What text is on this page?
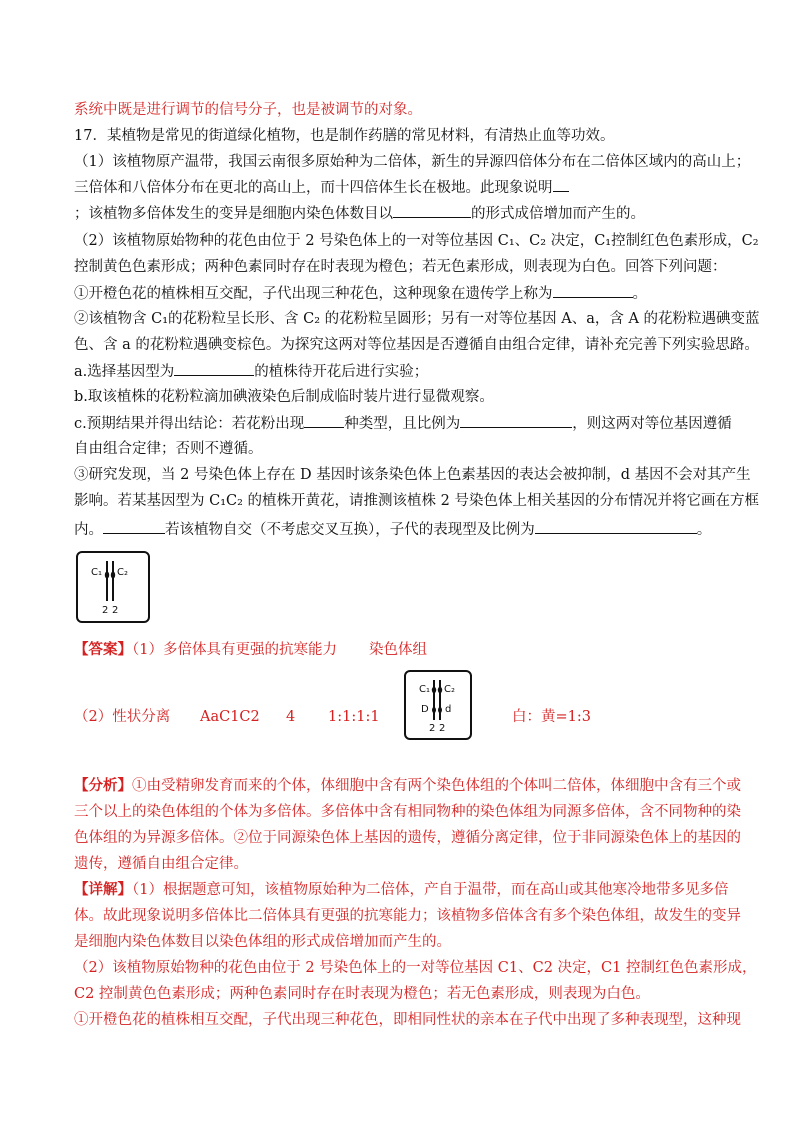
系统中既是进行调节的信号分子，也是被调节的对象。
17．某植物是常见的街道绿化植物，也是制作药膳的常见材料，有清热止血等功效。
（1）该植物原产温带，我国云南很多原始种为二倍体，新生的异源四倍体分布在二倍体区域内的高山上；
三倍体和八倍体分布在更北的高山上，而十四倍体生长在极地。此现象说明
；该植物多倍体发生的变异是细胞内染色体数目以	的形式成倍增加而产生的。
（2）该植物原始物种的花色由位于 2 号染色体上的一对等位基因 C₁、C₂ 决定，C₁控制红色色素形成，C₂
控制黄色色素形成；两种色素同时存在时表现为橙色；若无色素形成，则表现为白色。回答下列问题：
①开橙色花的植株相互交配，子代出现三种花色，这种现象在遗传学上称为	。
②该植物含 C₁的花粉粒呈长形、含 C₂ 的花粉粒呈圆形；另有一对等位基因 A、a，含 A 的花粉粒遇碘变蓝
色、含 a 的花粉粒遇碘变棕色。为探究这两对等位基因是否遵循自由组合定律，请补充完善下列实验思路。
a.选择基因型为	的植株待开花后进行实验；
b.取该植株的花粉粒滴加碘液染色后制成临时装片进行显微观察。
c.预期结果并得出结论：若花粉出现	种类型，且比例为	，则这两对等位基因遵循
自由组合定律；否则不遵循。
③研究发现，当 2 号染色体上存在 D 基因时该条染色体上色素基因的表达会被抑制，d 基因不会对其产生
影响。若某基因型为 C₁C₂ 的植株开黄花，请推测该植株 2 号染色体上相关基因的分布情况并将它画在方框
内。	若该植物自交（不考虑交叉互换），子代的表现型及比例为	。
C₁ C₂
2 2
【答案】（1）多倍体具有更强的抗寒能力 染色体组
（2）性状分离 AaC1C2 4 1:1:1:1	白：黄=1:3
C₁ C₂
D d
2 2
【分析】①由受精卵发育而来的个体，体细胞中含有两个染色体组的个体叫二倍体，体细胞中含有三个或
三个以上的染色体组的个体为多倍体。多倍体中含有相同物种的染色体组为同源多倍体，含不同物种的染
色体组的为异源多倍体。②位于同源染色体上基因的遗传，遵循分离定律，位于非同源染色体上的基因的
遗传，遵循自由组合定律。
【详解】（1）根据题意可知，该植物原始种为二倍体，产自于温带，而在高山或其他寒冷地带多见多倍
体。故此现象说明多倍体比二倍体具有更强的抗寒能力；该植物多倍体含有多个染色体组，故发生的变异
是细胞内染色体数目以染色体组的形式成倍增加而产生的。
（2）该植物原始物种的花色由位于 2 号染色体上的一对等位基因 C1、C2 决定，C1 控制红色色素形成，
C2 控制黄色色素形成；两种色素同时存在时表现为橙色；若无色素形成，则表现为白色。
①开橙色花的植株相互交配，子代出现三种花色，即相同性状的亲本在子代中出现了多种表现型，这种现
